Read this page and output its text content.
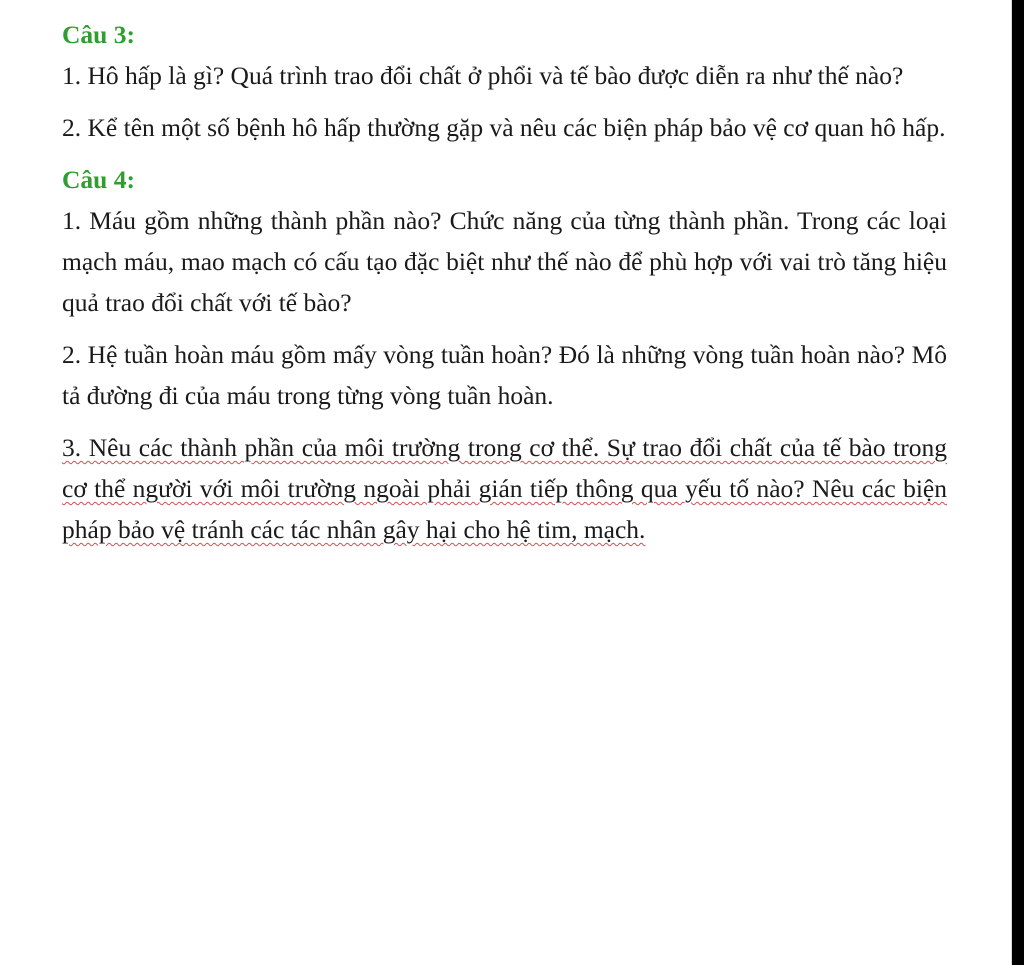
Câu 3:

1. Hô hấp là gì? Quá trình trao đổi chất ở phổi và tế bào được diễn ra như thế nào?

2. Kể tên một số bệnh hô hấp thường gặp và nêu các biện pháp bảo vệ cơ quan hô hấp.

Câu 4:

1. Máu gồm những thành phần nào? Chức năng của từng thành phần. Trong các loại mạch máu, mao mạch có cấu tạo đặc biệt như thế nào để phù hợp với vai trò tăng hiệu quả trao đổi chất với tế bào?

2. Hệ tuần hoàn máu gồm mấy vòng tuần hoàn? Đó là những vòng tuần hoàn nào? Mô tả đường đi của máu trong từng vòng tuần hoàn.

3. Nêu các thành phần của môi trường trong cơ thể. Sự trao đổi chất của tế bào trong cơ thể người với môi trường ngoài phải gián tiếp thông qua yếu tố nào? Nêu các biện pháp bảo vệ tránh các tác nhân gây hại cho hệ tim, mạch.
